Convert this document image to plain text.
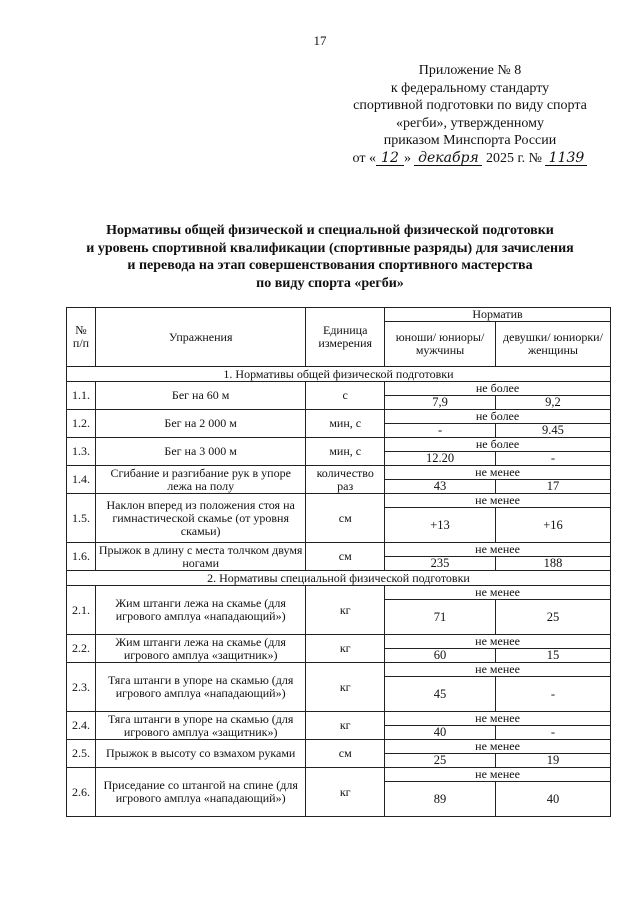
17
Приложение № 8
к федеральному стандарту
спортивной подготовки по виду спорта
«регби», утвержденному
приказом Минспорта России
от « 12 » декабря 2025 г. № 1139
Нормативы общей физической и специальной физической подготовки
и уровень спортивной квалификации (спортивные разряды) для зачисления
и перевода на этап совершенствования спортивного мастерства
по виду спорта «регби»
№ п/п	Упражнения	Единица измерения	Норматив	
			юноши/ юниоры/ мужчины	девушки/ юниорки/ женщины
1. Нормативы общей физической подготовки				
1.1.	Бег на 60 м	с	не более	
			7,9	9,2
1.2.	Бег на 2 000 м	мин, с	не более	
			-	9.45
1.3.	Бег на 3 000 м	мин, с	не более	
			12.20	-
1.4.	Сгибание и разгибание рук в упоре лежа на полу	количество раз	не менее	
			43	17
1.5.	Наклон вперед из положения стоя на гимнастической скамье (от уровня скамьи)	см	не менее	
			+13	+16
1.6.	Прыжок в длину с места толчком двумя ногами	см	не менее	
			235	188
2. Нормативы специальной физической подготовки				
2.1.	Жим штанги лежа на скамье (для игрового амплуа «нападающий»)	кг	не менее	
			71	25
2.2.	Жим штанги лежа на скамье (для игрового амплуа «защитник»)	кг	не менее	
			60	15
2.3.	Тяга штанги в упоре на скамью (для игрового амплуа «нападающий»)	кг	не менее	
			45	-
2.4.	Тяга штанги в упоре на скамью (для игрового амплуа «защитник»)	кг	не менее	
			40	-
2.5.	Прыжок в высоту со взмахом руками	см	не менее	
			25	19
2.6.	Приседание со штангой на спине (для игрового амплуа «нападающий»)	кг	не менее	
			89	40
